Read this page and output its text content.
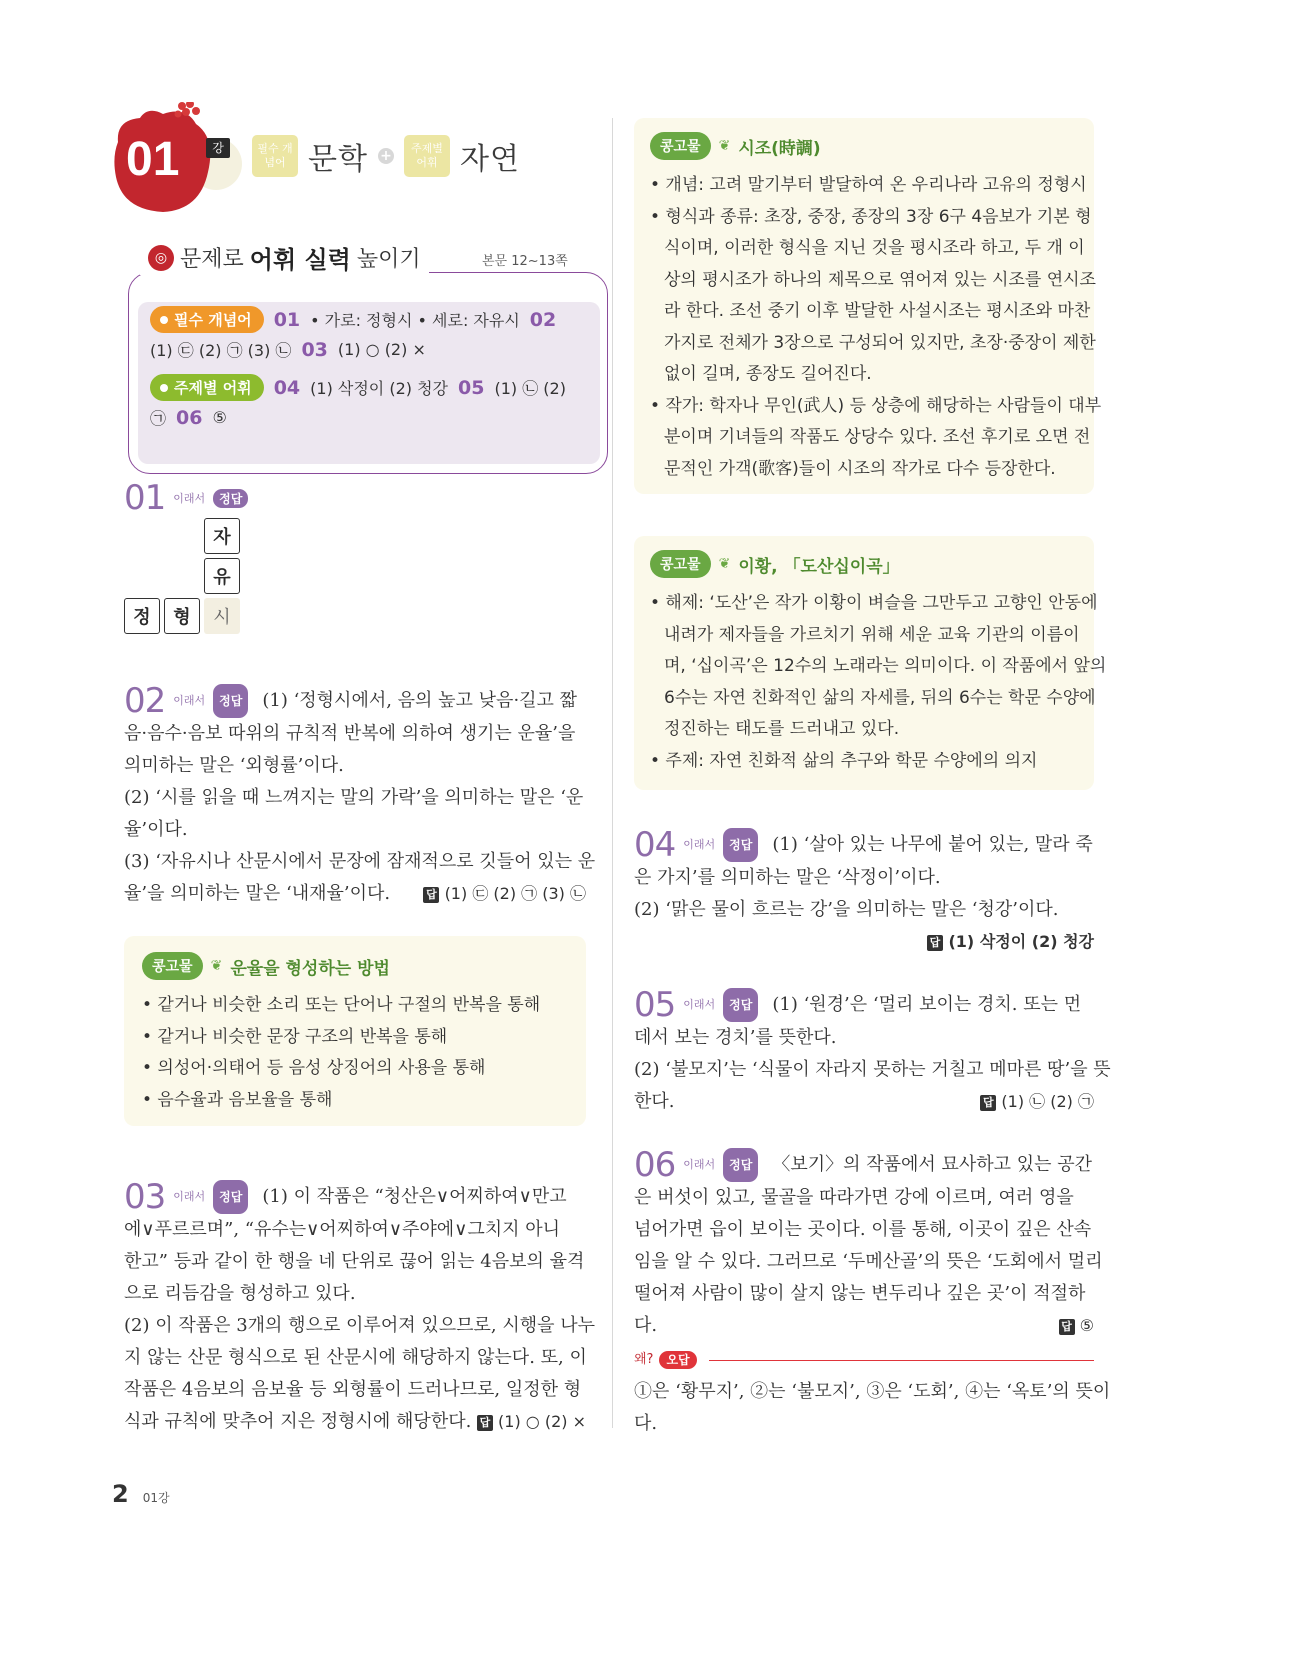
01	강	필수 개념어 문학 +	주제별 어휘 자연
◎ 문제로 어휘 실력 높이기	본문 12~13쪽
필수 개념어	01 • 가로: 정형시 • 세로: 자유시 02
(1) ㉢ (2) ㉠ (3) ㉡ 03 (1) ○ (2) ×
주제별 어휘	04 (1) 삭정이 (2) 청강 05 (1) ㉡ (2)
㉠ 06 ⑤
01 이래서	정답
자
유
정	형	시
02 이래서	정답	(1) ‘정형시에서, 음의 높고 낮음·길고 짧
음·음수·음보 따위의 규칙적 반복에 의하여 생기는 운율’을
의미하는 말은 ‘외형률’이다.
(2) ‘시를 읽을 때 느껴지는 말의 가락’을 의미하는 말은 ‘운
율’이다.
(3) ‘자유시나 산문시에서 문장에 잠재적으로 깃들어 있는 운
율’을 의미하는 말은 ‘내재율’이다.	답 (1) ㉢ (2) ㉠ (3) ㉡
콩고물	❦ 운율을 형성하는 방법
• 같거나 비슷한 소리 또는 단어나 구절의 반복을 통해
• 같거나 비슷한 문장 구조의 반복을 통해
• 의성어·의태어 등 음성 상징어의 사용을 통해
• 음수율과 음보율을 통해
03 이래서	정답	(1) 이 작품은 “청산은∨어찌하여∨만고
에∨푸르르며”, “유수는∨어찌하여∨주야에∨그치지 아니
한고” 등과 같이 한 행을 네 단위로 끊어 읽는 4음보의 율격
으로 리듬감을 형성하고 있다.
(2) 이 작품은 3개의 행으로 이루어져 있으므로, 시행을 나누
지 않는 산문 형식으로 된 산문시에 해당하지 않는다. 또, 이
작품은 4음보의 음보율 등 외형률이 드러나므로, 일정한 형
식과 규칙에 맞추어 지은 정형시에 해당한다. 답 (1) ○ (2) ×
콩고물	❦ 시조(時調)
• 개념: 고려 말기부터 발달하여 온 우리나라 고유의 정형시
• 형식과 종류: 초장, 중장, 종장의 3장 6구 4음보가 기본 형
식이며, 이러한 형식을 지닌 것을 평시조라 하고, 두 개 이
상의 평시조가 하나의 제목으로 엮어져 있는 시조를 연시조
라 한다. 조선 중기 이후 발달한 사설시조는 평시조와 마찬
가지로 전체가 3장으로 구성되어 있지만, 초장·중장이 제한
없이 길며, 종장도 길어진다.
• 작가: 학자나 무인(武人) 등 상층에 해당하는 사람들이 대부
분이며 기녀들의 작품도 상당수 있다. 조선 후기로 오면 전
문적인 가객(歌客)들이 시조의 작가로 다수 등장한다.
콩고물	❦ 이황, 「도산십이곡」
• 해제: ‘도산’은 작가 이황이 벼슬을 그만두고 고향인 안동에
내려가 제자들을 가르치기 위해 세운 교육 기관의 이름이
며, ‘십이곡’은 12수의 노래라는 의미이다. 이 작품에서 앞의
6수는 자연 친화적인 삶의 자세를, 뒤의 6수는 학문 수양에
정진하는 태도를 드러내고 있다.
• 주제: 자연 친화적 삶의 추구와 학문 수양에의 의지
04 이래서	정답	(1) ‘살아 있는 나무에 붙어 있는, 말라 죽
은 가지’를 의미하는 말은 ‘삭정이’이다.
(2) ‘맑은 물이 흐르는 강’을 의미하는 말은 ‘청강’이다.
답 (1) 삭정이 (2) 청강
05 이래서	정답	(1) ‘원경’은 ‘멀리 보이는 경치. 또는 먼
데서 보는 경치’를 뜻한다.
(2) ‘불모지’는 ‘식물이 자라지 못하는 거칠고 메마른 땅’을 뜻
한다.	답 (1) ㉡ (2) ㉠
06 이래서	정답	〈보기〉의 작품에서 묘사하고 있는 공간
은 버섯이 있고, 물골을 따라가면 강에 이르며, 여러 영을
넘어가면 읍이 보이는 곳이다. 이를 통해, 이곳이 깊은 산속
임을 알 수 있다. 그러므로 ‘두메산골’의 뜻은 ‘도회에서 멀리
떨어져 사람이 많이 살지 않는 변두리나 깊은 곳’이 적절하
다.	답 ⑤
왜?	오답
①은 ‘황무지’, ②는 ‘불모지’, ③은 ‘도회’, ④는 ‘옥토’의 뜻이
다.
2 01강
